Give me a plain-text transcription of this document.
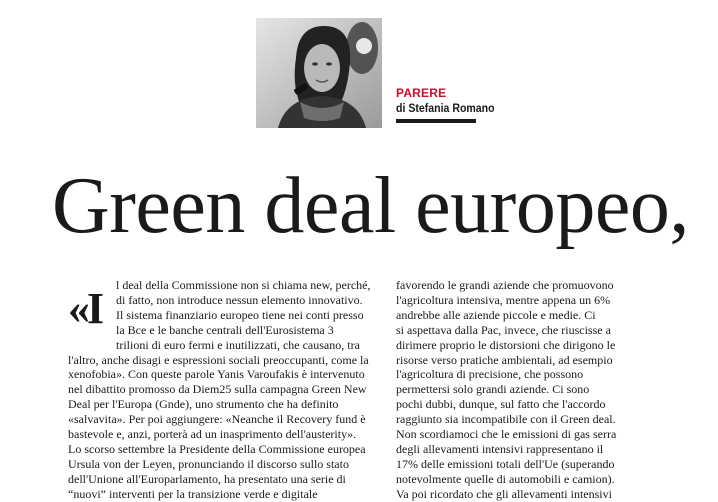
PARERE
di Stefania Romano
Green deal europeo,
«I	l deal della Commissione non si chiama new, perché,
di fatto, non introduce nessun elemento innovativo.
Il sistema finanziario europeo tiene nei conti presso
la Bce e le banche centrali dell'Eurosistema 3
trilioni di euro fermi e inutilizzati, che causano, tra
l'altro, anche disagi e espressioni sociali preoccupanti, come la
xenofobia». Con queste parole Yanis Varoufakis è intervenuto
nel dibattito promosso da Diem25 sulla campagna Green New
Deal per l'Europa (Gnde), uno strumento che ha definito
«salvavita». Per poi aggiungere: «Neanche il Recovery fund è
bastevole e, anzi, porterà ad un inasprimento dell'austerity».
Lo scorso settembre la Presidente della Commissione europea
Ursula von der Leyen, pronunciando il discorso sullo stato
dell'Unione all'Europarlamento, ha presentato una serie di
“nuovi” interventi per la transizione verde e digitale
favorendo le grandi aziende che promuovono
l'agricoltura intensiva, mentre appena un 6%
andrebbe alle aziende piccole e medie. Ci
si aspettava dalla Pac, invece, che riuscisse a
dirimere proprio le distorsioni che dirigono le
risorse verso pratiche ambientali, ad esempio
l'agricoltura di precisione, che possono
permettersi solo grandi aziende. Ci sono
pochi dubbi, dunque, sul fatto che l'accordo
raggiunto sia incompatibile con il Green deal.
Non scordiamoci che le emissioni di gas serra
degli allevamenti intensivi rappresentano il
17% delle emissioni totali dell'Ue (superando
notevolmente quelle di automobili e camion).
Va poi ricordato che gli allevamenti intensivi
